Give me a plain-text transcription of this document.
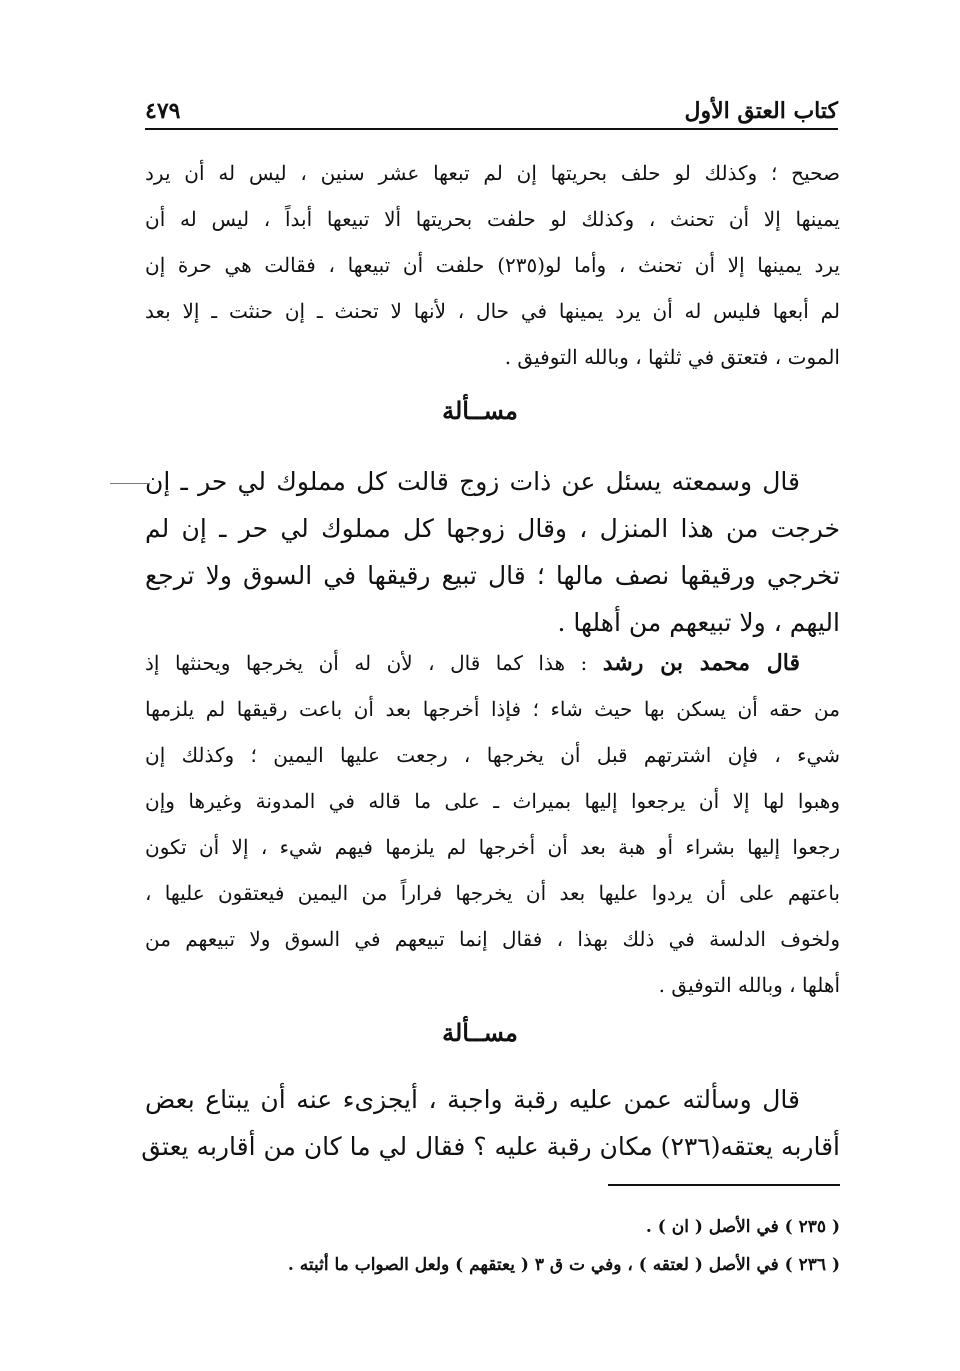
كتاب العتق الأول
٤٧٩
صحيح ؛ وكذلك لو حلف بحريتها إن لم تبعها عشر سنين ، ليس له أن يرد
يمينها إلا أن تحنث ، وكذلك لو حلفت بحريتها ألا تبيعها أبداً ، ليس له أن
يرد يمينها إلا أن تحنث ، وأما لو(٢٣٥) حلفت أن تبيعها ، فقالت هي حرة إن
لم أبعها فليس له أن يرد يمينها في حال ، لأنها لا تحنث ـ إن حنثت ـ إلا بعد
الموت ، فتعتق في ثلثها ، وبالله التوفيق .
مســألة
قال وسمعته يسئل عن ذات زوج قالت كل مملوك لي حر ـ إن
خرجت من هذا المنزل ، وقال زوجها كل مملوك لي حر ـ إن لم
تخرجي ورقيقها نصف مالها ؛ قال تبيع رقيقها في السوق ولا ترجع
اليهم ، ولا تبيعهم من أهلها .
قال محمد بن رشد : هذا كما قال ، لأن له أن يخرجها ويحنثها إذ
من حقه أن يسكن بها حيث شاء ؛ فإذا أخرجها بعد أن باعت رقيقها لم يلزمها
شيء ، فإن اشترتهم قبل أن يخرجها ، رجعت عليها اليمين ؛ وكذلك إن
وهبوا لها إلا أن يرجعوا إليها بميراث ـ على ما قاله في المدونة وغيرها وإن
رجعوا إليها بشراء أو هبة بعد أن أخرجها لم يلزمها فيهم شيء ، إلا أن تكون
باعتهم على أن يردوا عليها بعد أن يخرجها فراراً من اليمين فيعتقون عليها ،
ولخوف الدلسة في ذلك بهذا ، فقال إنما تبيعهم في السوق ولا تبيعهم من
أهلها ، وبالله التوفيق .
مســألة
قال وسألته عمن عليه رقبة واجبة ، أيجزىء عنه أن يبتاع بعض
أقاربه يعتقه(٢٣٦) مكان رقبة عليه ؟ فقال لي ما كان من أقاربه يعتق
( ٢٣٥ ) في الأصل ( ان ) .
( ٢٣٦ ) في الأصل ( لعتقه ) ، وفي ت ق ٣ ( يعتقهم ) ولعل الصواب ما أثبته .
